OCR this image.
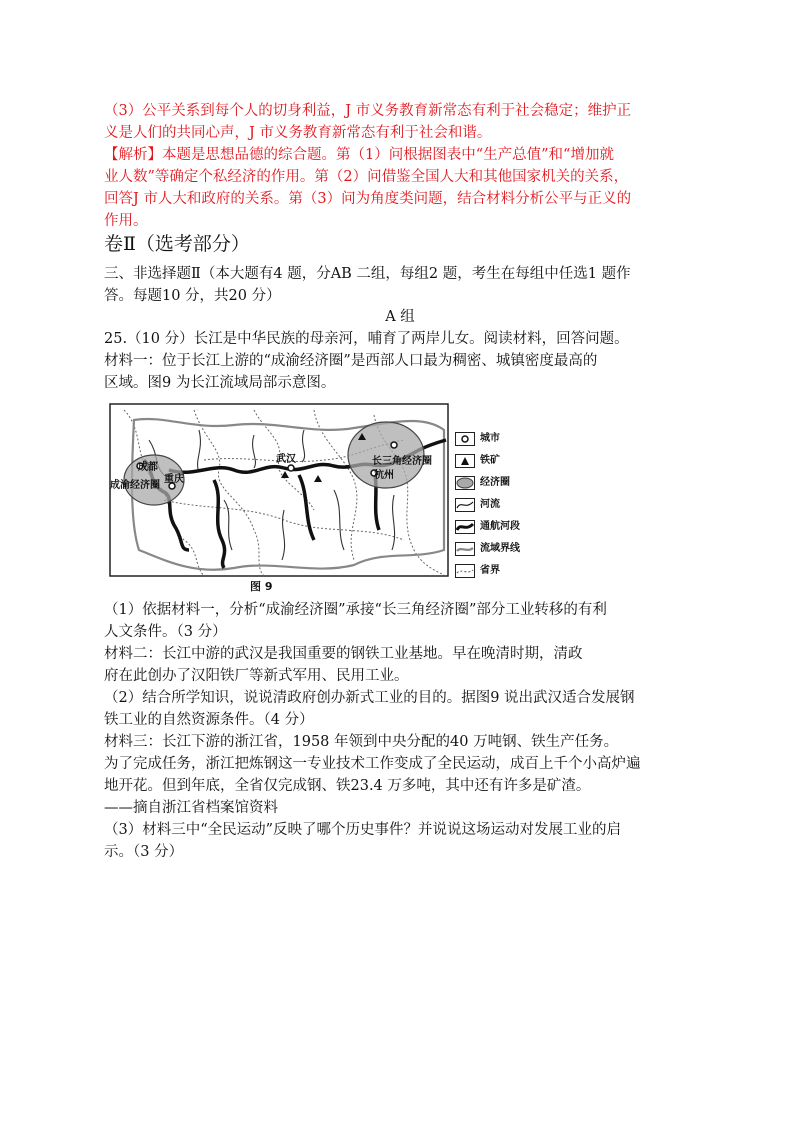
（3）公平关系到每个人的切身利益，J 市义务教育新常态有利于社会稳定；维护正
义是人们的共同心声，J 市义务教育新常态有利于社会和谐。
【解析】本题是思想品德的综合题。第（1）问根据图表中“生产总值”和“增加就
业人数”等确定个私经济的作用。第（2）问借鉴全国人大和其他国家机关的关系，
回答J 市人大和政府的关系。第（3）问为角度类问题，结合材料分析公平与正义的
作用。
卷Ⅱ（选考部分）
三、非选择题Ⅱ（本大题有4 题，分AB 二组，每组2 题，考生在每组中任选1 题作
答。每题10 分，共20 分）
A 组
25.（10 分）长江是中华民族的母亲河，哺育了两岸儿女。阅读材料，回答问题。
材料一：位于长江上游的“成渝经济圈”是西部人口最为稠密、城镇密度最高的
区域。图9 为长江流域局部示意图。
成都
重庆
成渝经济圈
武汉	长三角经济圈
杭州
图 9
城市
铁矿
经济圈
河流
通航河段
流域界线
省界
（1）依据材料一，分析“成渝经济圈”承接“长三角经济圈”部分工业转移的有利
人文条件。（3 分）
材料二：长江中游的武汉是我国重要的钢铁工业基地。早在晚清时期，清政
府在此创办了汉阳铁厂等新式军用、民用工业。
（2）结合所学知识，说说清政府创办新式工业的目的。据图9 说出武汉适合发展钢
铁工业的自然资源条件。（4 分）
材料三：长江下游的浙江省，1958 年领到中央分配的40 万吨钢、铁生产任务。
为了完成任务，浙江把炼钢这一专业技术工作变成了全民运动，成百上千个小高炉遍
地开花。但到年底，全省仅完成钢、铁23.4 万多吨，其中还有许多是矿渣。
——摘自浙江省档案馆资料
（3）材料三中“全民运动”反映了哪个历史事件？并说说这场运动对发展工业的启
示。（3 分）
